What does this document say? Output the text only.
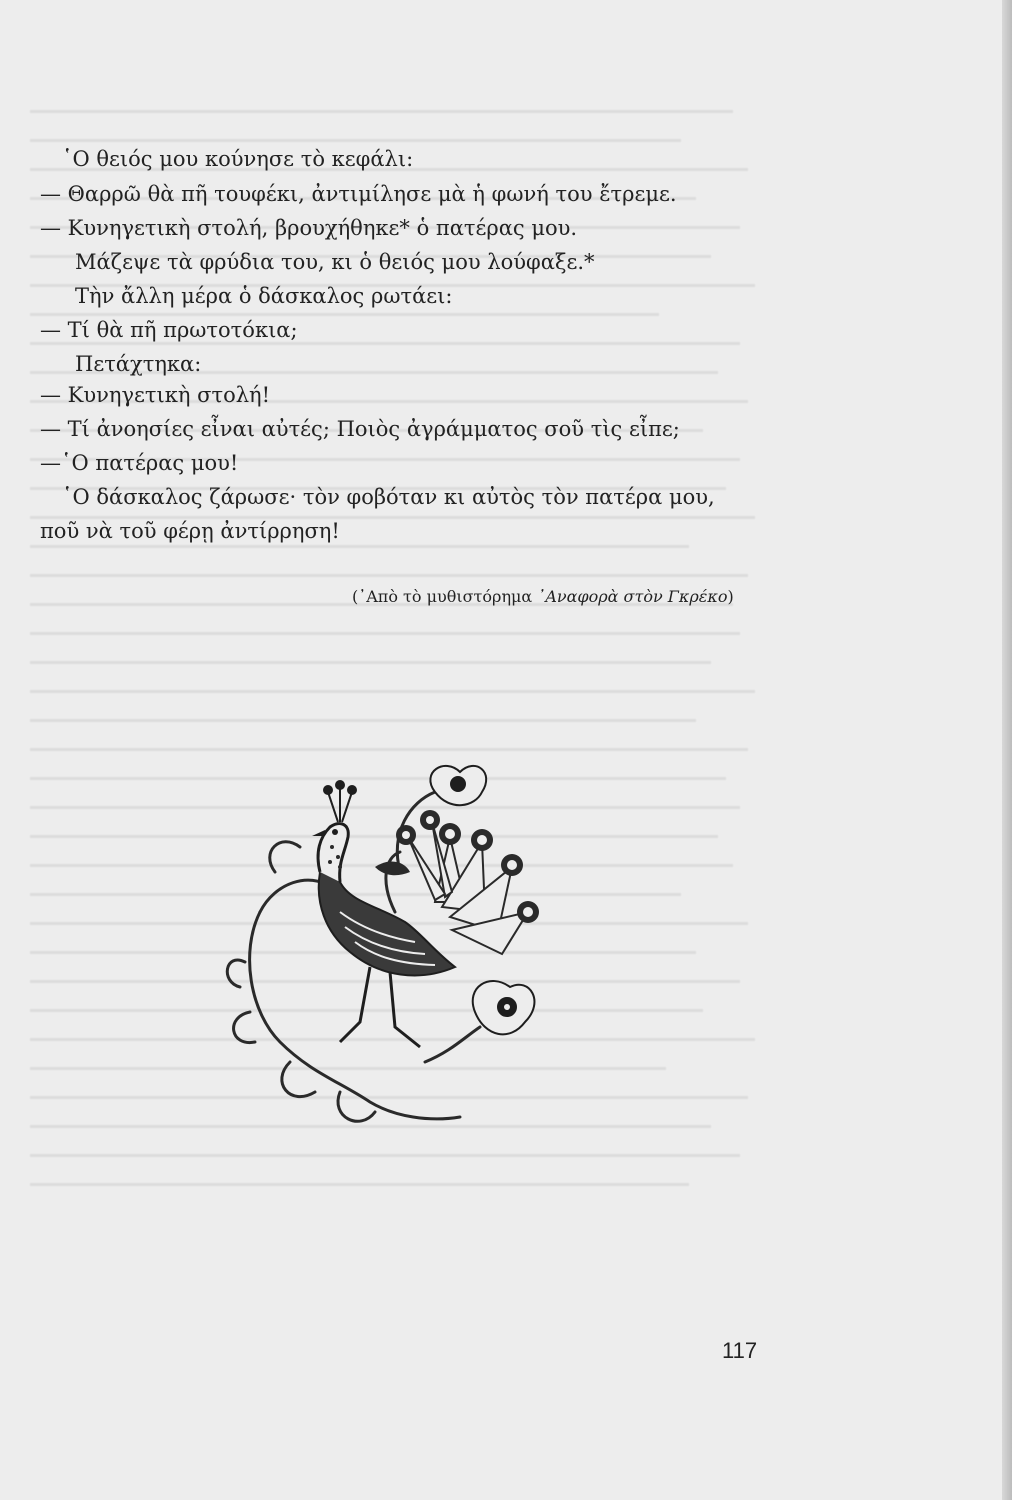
῾Ο θειός μου κούνησε τὸ κεφάλι:
— Θαρρῶ θὰ πῆ τουφέκι, ἀντιμίλησε μὰ ἡ φωνή του ἔτρεμε.
— Κυνηγετικὴ στολή, βρουχήθηκε* ὁ πατέρας μου.
Μάζεψε τὰ φρύδια του, κι ὁ θειός μου λούφαξε.*
Τὴν ἄλλη μέρα ὁ δάσκαλος ρωτάει:
— Τί θὰ πῆ πρωτοτόκια;
Πετάχτηκα:
— Κυνηγετικὴ στολή!
— Τί ἀνοησίες εἶναι αὐτές; Ποιὸς ἀγράμματος σοῦ τὶς εἶπε;
—῾Ο πατέρας μου!
῾Ο δάσκαλος ζάρωσε· τὸν φοβόταν κι αὐτὸς τὸν πατέρα μου,
ποῦ νὰ τοῦ φέρῃ ἀντίρρηση!
(᾿Απὸ τὸ μυθιστόρημα ᾿Αναφορὰ στὸν Γκρέκο)
117
